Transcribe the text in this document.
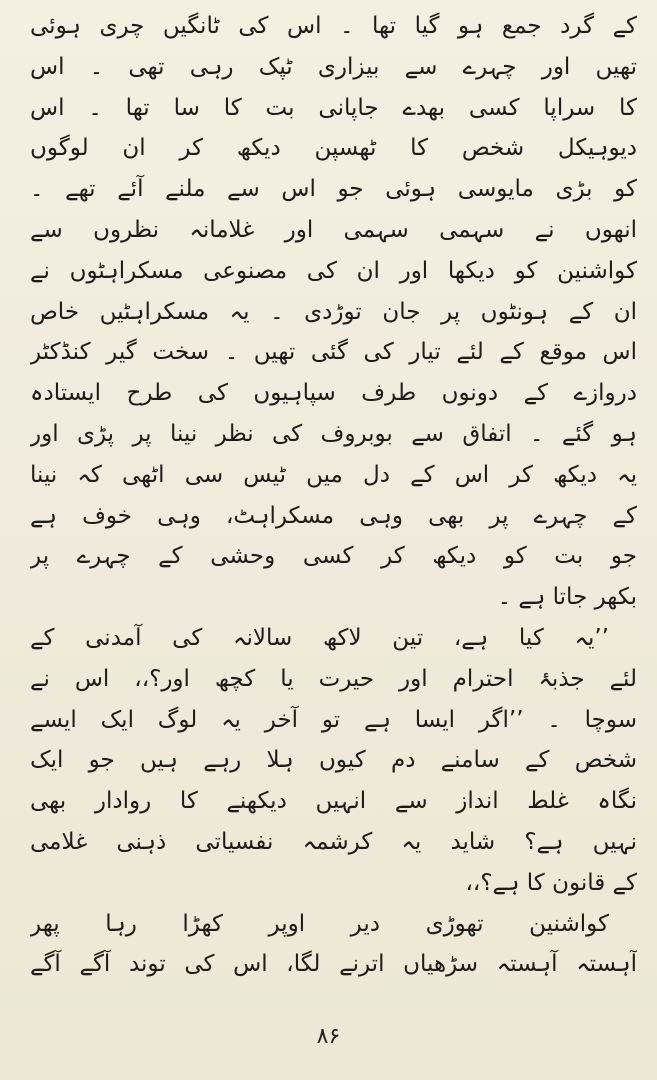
کے گرد جمع ہو گیا تھا ۔ اس کی ٹانگیں چری ہوئی
تھیں اور چہرے سے بیزاری ٹپک رہی تھی ۔ اس
کا سراپا کسی بھدے جاپانی بت کا سا تھا ۔ اس
دیوہیکل شخص کا ٹھسپن دیکھ کر ان لوگوں
کو بڑی مایوسی ہوئی جو اس سے ملنے آئے تھے ۔
انھوں نے سہمی سہمی اور غلامانہ نظروں سے
کواشنین کو دیکھا اور ان کی مصنوعی مسکراہٹوں نے
ان کے ہونٹوں پر جان توڑدی ۔ یہ مسکراہٹیں خاص
اس موقع کے لئے تیار کی گئی تھیں ۔ سخت گیر کنڈکٹر
دروازے کے دونوں طرف سپاہیوں کی طرح ایستادہ
ہو گئے ۔ اتفاق سے بوبروف کی نظر نینا پر پڑی اور
یہ دیکھ کر اس کے دل میں ٹیس سی اٹھی کہ نینا
کے چہرے پر بھی وہی مسکراہٹ، وہی خوف ہے
جو بت کو دیکھ کر کسی وحشی کے چہرے پر
بکھر جاتا ہے ۔
’’یہ کیا ہے، تین لاکھ سالانہ کی آمدنی کے
لئے جذبۂ احترام اور حیرت یا کچھ اور؟،، اس نے
سوچا ۔ ’’اگر ایسا ہے تو آخر یہ لوگ ایک ایسے
شخص کے سامنے دم کیوں ہلا رہے ہیں جو ایک
نگاہ غلط انداز سے انہیں دیکھنے کا روادار بھی
نہیں ہے؟ شاید یہ کرشمہ نفسیاتی ذہنی غلامی
کے قانون کا ہے؟،،
کواشنین تھوڑی دیر اوپر کھڑا رہا پھر
آہستہ آہستہ سڑھیاں اترنے لگا، اس کی توند آگے آگے
۸۶
